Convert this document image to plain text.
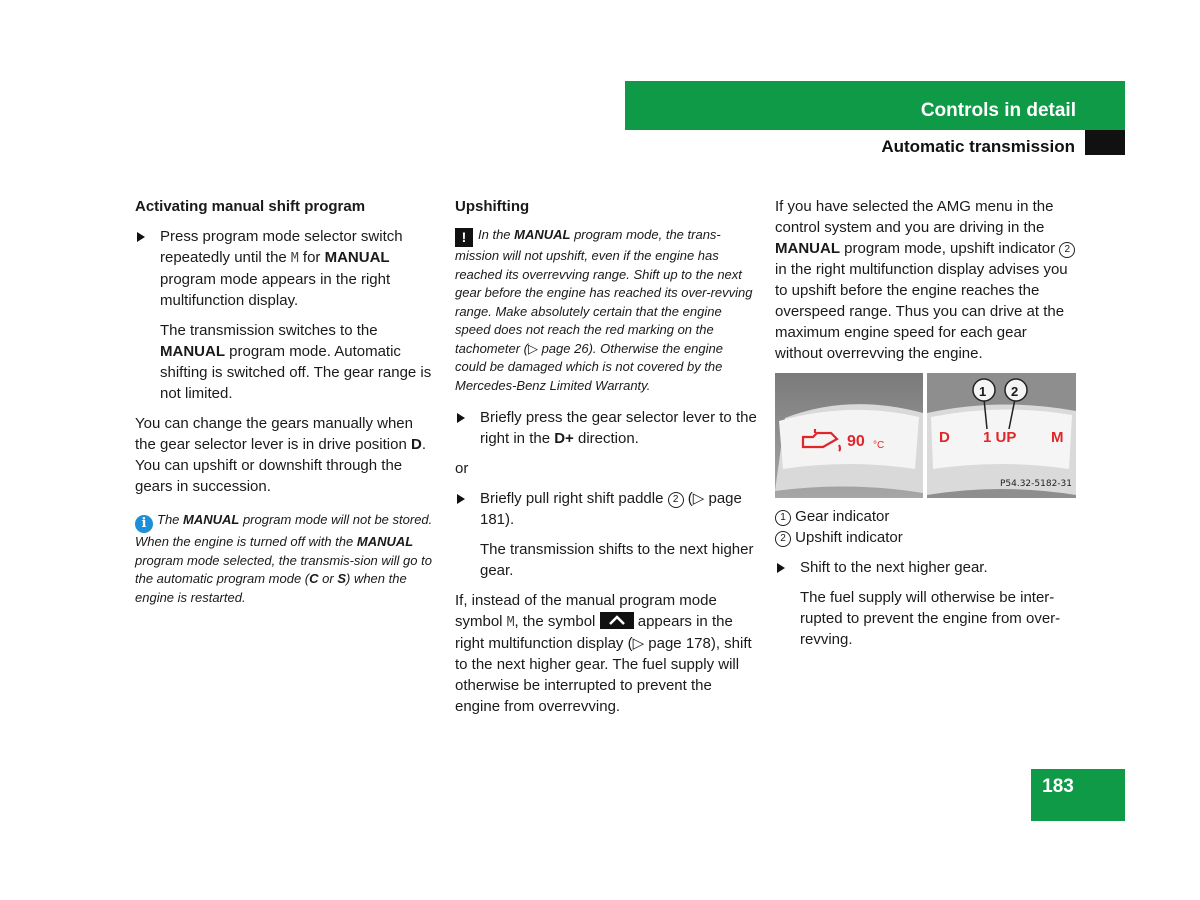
Controls in detail
Automatic transmission
Activating manual shift program
Press program mode selector switch repeatedly until the M for MANUAL program mode appears in the right multifunction display.

The transmission switches to the MANUAL program mode. Automatic shifting is switched off. The gear range is not limited.

You can change the gears manually when the gear selector lever is in drive position D. You can upshift or downshift through the gears in succession.

i The MANUAL program mode will not be stored. When the engine is turned off with the MANUAL program mode selected, the transmis-sion will go to the automatic program mode (C or S) when the engine is restarted.

Upshifting

! In the MANUAL program mode, the trans-mission will not upshift, even if the engine has reached its overrevving range. Shift up to the next gear before the engine has reached its over-revving range. Make absolutely certain that the engine speed does not reach the red marking on the tachometer (▷ page 26). Otherwise the engine could be damaged which is not covered by the Mercedes-Benz Limited Warranty.

Briefly press the gear selector lever to the right in the D+ direction.

or

Briefly pull right shift paddle 2 (▷ page 181).

The transmission shifts to the next higher gear.

If, instead of the manual program mode symbol M, the symbol
appears in the right multifunction display (▷ page 178), shift to the next higher gear. The fuel supply will otherwise be interrupted to prevent the engine from overrevving.

If you have selected the AMG menu in the control system and you are driving in the MANUAL program mode, upshift indicator 2 in the right multifunction display advises you to upshift before the engine reaches the overspeed range. Thus you can drive at the maximum engine speed for each gear without overrevving the engine.

90 °C
1 2
D 1 UP M
P54.32-5182-31

1 Gear indicator

2 Upshift indicator

Shift to the next higher gear.

The fuel supply will otherwise be inter-rupted to prevent the engine from over-revving.

183
